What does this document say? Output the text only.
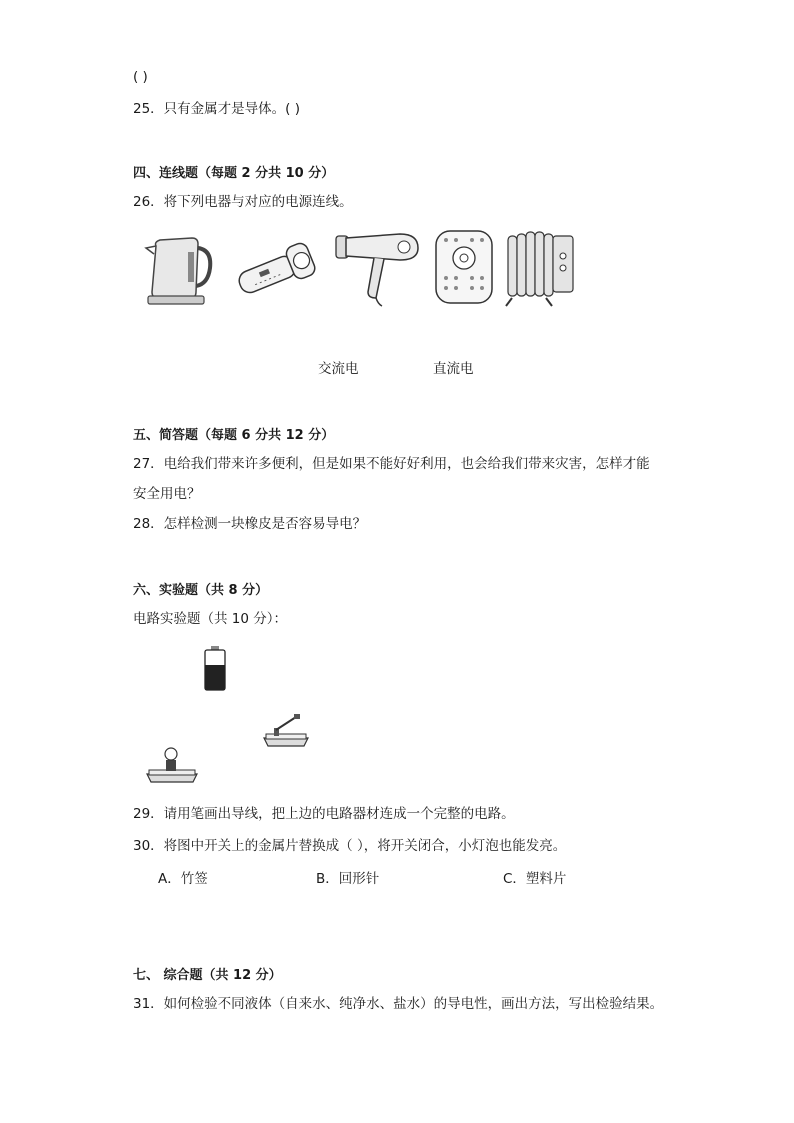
( )
25．只有金属才是导体。( )
四、连线题（每题 2 分共 10 分）
26．将下列电器与对应的电源连线。
交流电	直流电
五、简答题（每题 6 分共 12 分）
27．电给我们带来许多便利，但是如果不能好好利用，也会给我们带来灾害，怎样才能
安全用电？
28．怎样检测一块橡皮是否容易导电？
六、实验题（共 8 分）
电路实验题（共 10 分）：
29．请用笔画出导线，把上边的电路器材连成一个完整的电路。
30．将图中开关上的金属片替换成（ ），将开关闭合，小灯泡也能发亮。
A．竹签	B．回形针	C．塑料片
七、 综合题（共 12 分）
31．如何检验不同液体（自来水、纯净水、盐水）的导电性，画出方法，写出检验结果。
